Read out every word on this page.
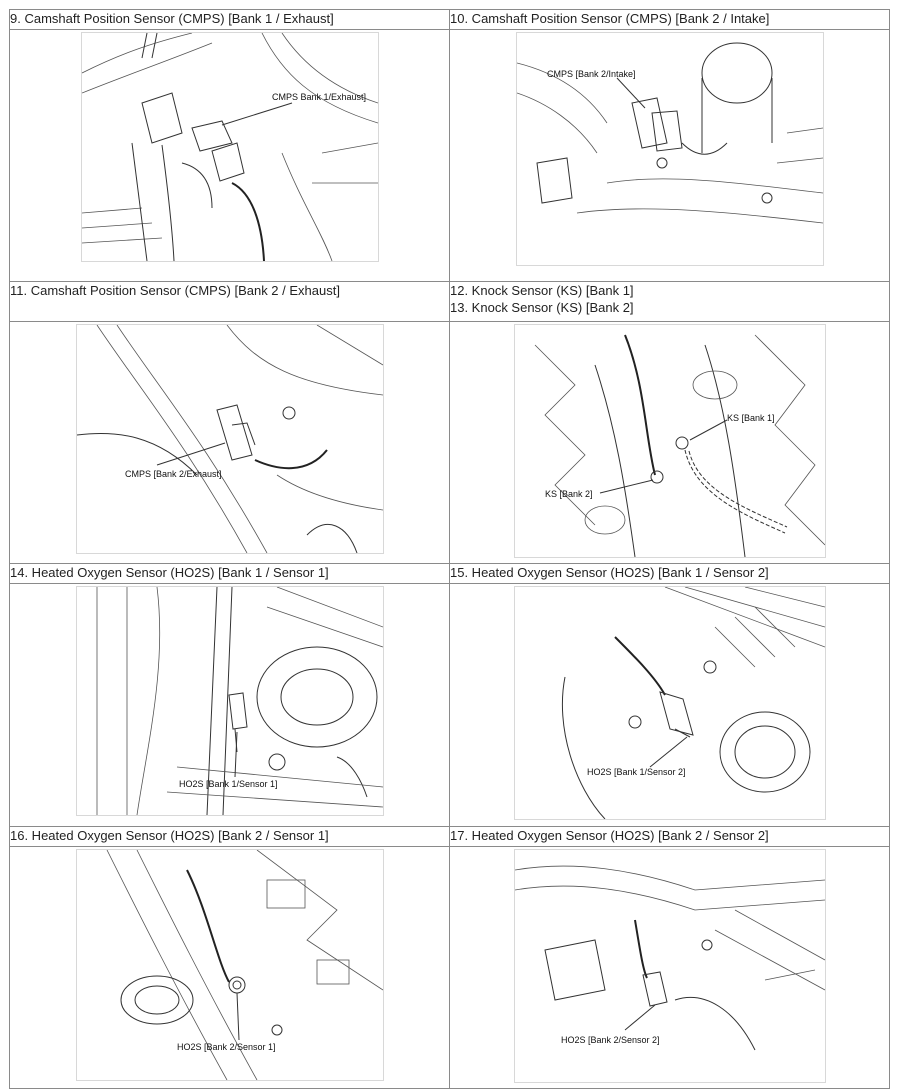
9. Camshaft Position Sensor (CMPS) [Bank 1 / Exhaust]	10. Camshaft Position Sensor (CMPS) [Bank 2 / Intake]

CMPS Bank 1/Exhaust]	CMPS [Bank 2/Intake]

11. Camshaft Position Sensor (CMPS) [Bank 2 / Exhaust]	12. Knock Sensor (KS) [Bank 1]
13. Knock Sensor (KS) [Bank 2]

CMPS [Bank 2/Exhaust]	KS [Bank 1]
KS [Bank 2]

14. Heated Oxygen Sensor (HO2S) [Bank 1 / Sensor 1]	15. Heated Oxygen Sensor (HO2S) [Bank 1 / Sensor 2]

HO2S [Bank 1/Sensor 1]	HO2S [Bank 1/Sensor 2]

16. Heated Oxygen Sensor (HO2S) [Bank 2 / Sensor 1]	17. Heated Oxygen Sensor (HO2S) [Bank 2 / Sensor 2]

HO2S [Bank 2/Sensor 1]	HO2S [Bank 2/Sensor 2]
